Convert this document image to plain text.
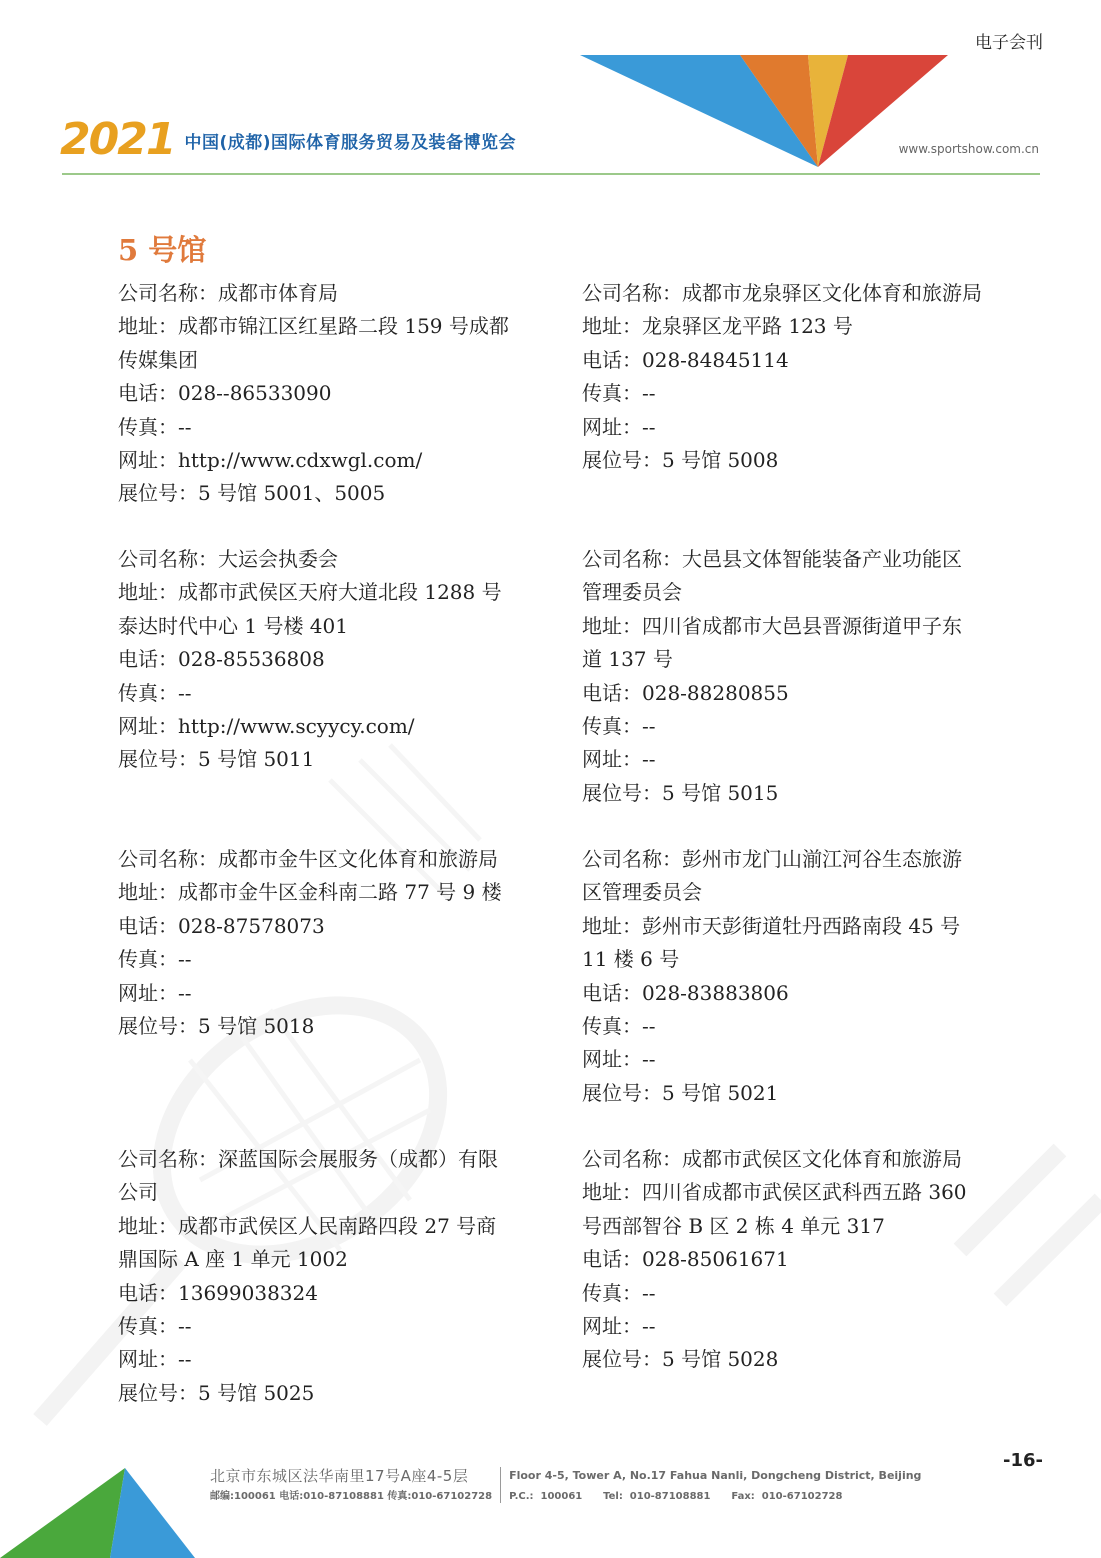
电子会刊
2021 中国(成都)国际体育服务贸易及装备博览会	www.sportshow.com.cn
5 号馆
公司名称：成都市体育局
地址：成都市锦江区红星路二段 159 号成都
传媒集团
电话：028--86533090
传真：--
网址：http://www.cdxwgl.com/
展位号：5 号馆 5001、5005
公司名称：成都市龙泉驿区文化体育和旅游局
地址：龙泉驿区龙平路 123 号
电话：028-84845114
传真：--
网址：--
展位号：5 号馆 5008
公司名称：大运会执委会
地址：成都市武侯区天府大道北段 1288 号
泰达时代中心 1 号楼 401
电话：028-85536808
传真：--
网址：http://www.scyycy.com/
展位号：5 号馆 5011
公司名称：大邑县文体智能装备产业功能区
管理委员会
地址：四川省成都市大邑县晋源街道甲子东
道 137 号
电话：028-88280855
传真：--
网址：--
展位号：5 号馆 5015
公司名称：成都市金牛区文化体育和旅游局
地址：成都市金牛区金科南二路 77 号 9 楼
电话：028-87578073
传真：--
网址：--
展位号：5 号馆 5018
公司名称：彭州市龙门山湔江河谷生态旅游
区管理委员会
地址：彭州市天彭街道牡丹西路南段 45 号
11 楼 6 号
电话：028-83883806
传真：--
网址：--
展位号：5 号馆 5021
公司名称：深蓝国际会展服务（成都）有限
公司
地址：成都市武侯区人民南路四段 27 号商
鼎国际 A 座 1 单元 1002
电话：13699038324
传真：--
网址：--
展位号：5 号馆 5025
公司名称：成都市武侯区文化体育和旅游局
地址：四川省成都市武侯区武科西五路 360
号西部智谷 B 区 2 栋 4 单元 317
电话：028-85061671
传真：--
网址：--
展位号：5 号馆 5028
北京市东城区法华南里17号A座4-5层
邮编:100061 电话:010-87108881 传真:010-67102728
Floor 4-5, Tower A, No.17 Fahua Nanli, Dongcheng District, Beijing
P.C.:  100061      Tel:  010-87108881      Fax:  010-67102728
-16-
